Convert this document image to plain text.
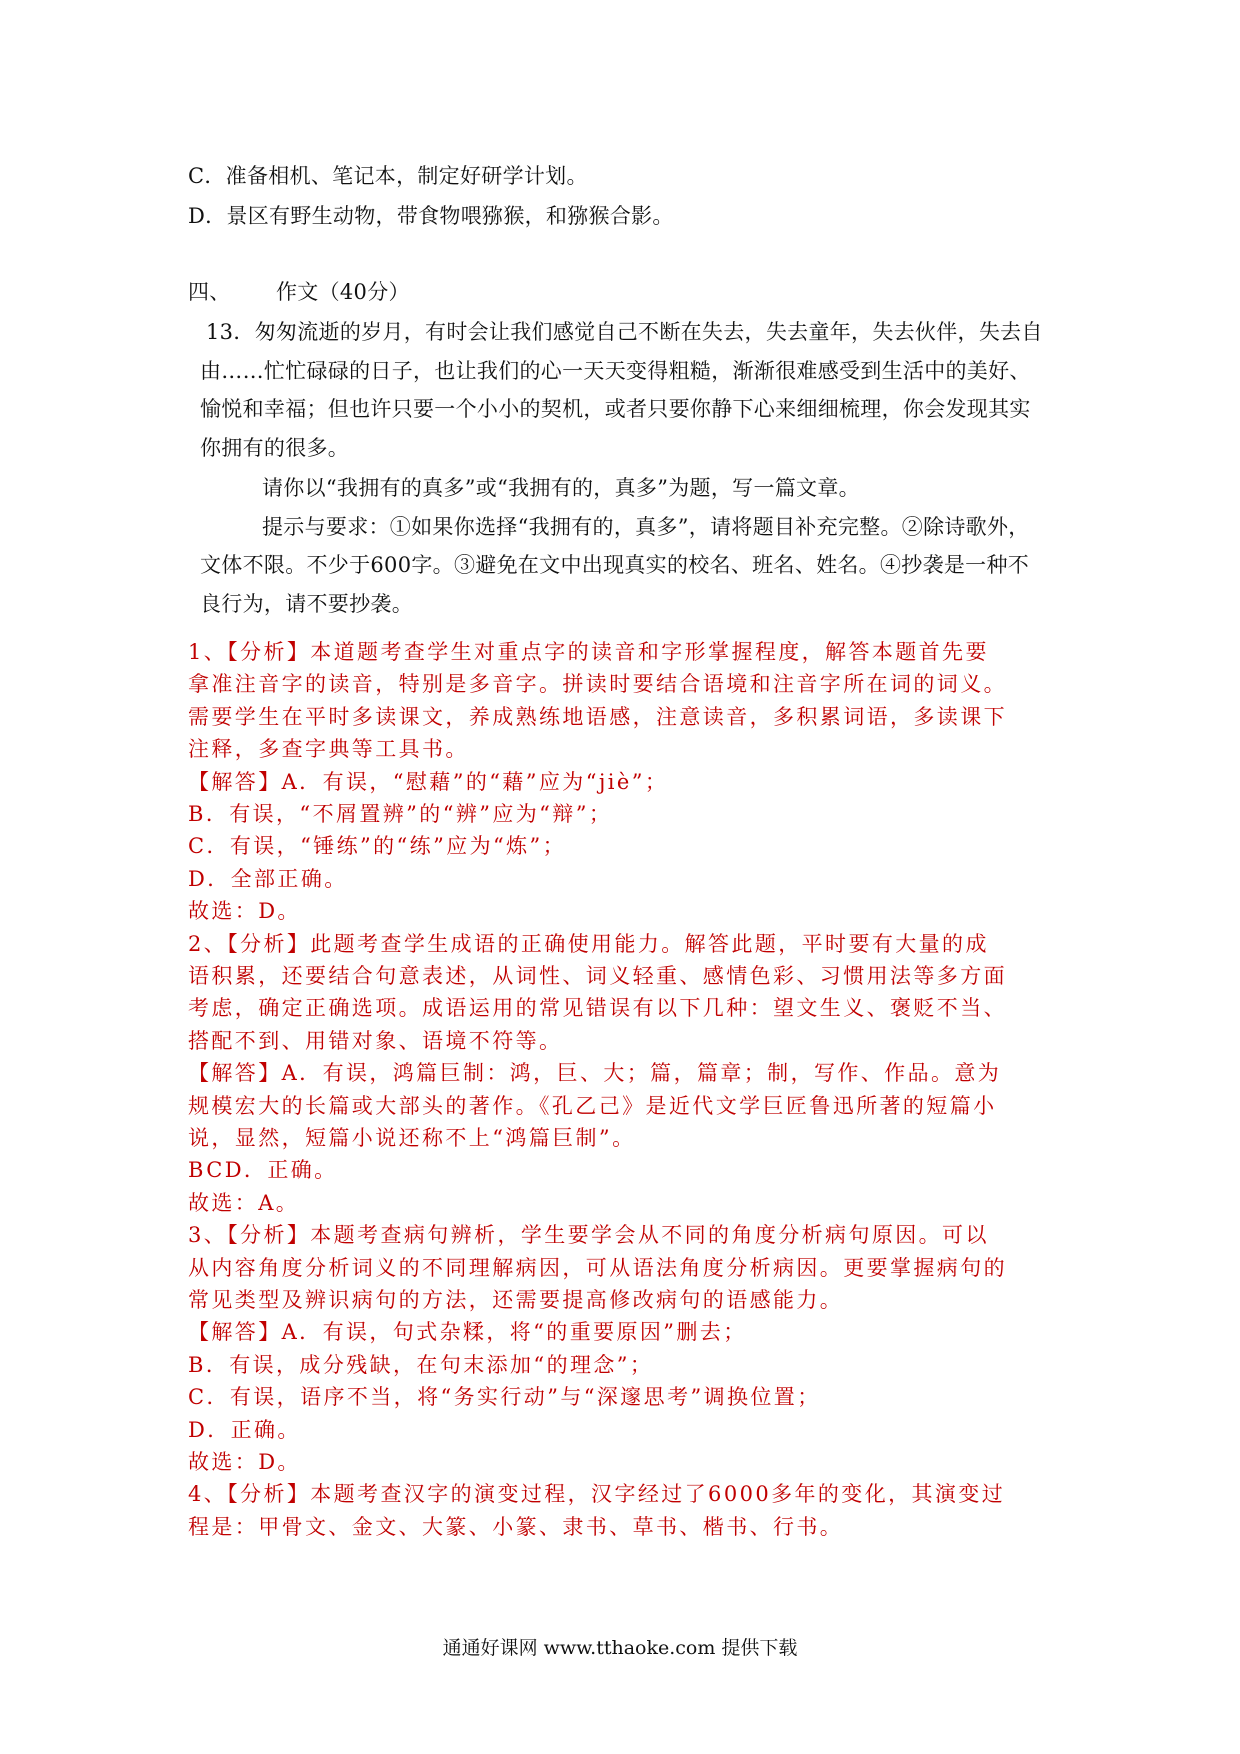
C．准备相机、笔记本，制定好研学计划。

D．景区有野生动物，带食物喂猕猴，和猕猴合影。

四、 作文（40分）

13．匆匆流逝的岁月，有时会让我们感觉自己不断在失去，失去童年，失去伙伴，失去自

由……忙忙碌碌的日子，也让我们的心一天天变得粗糙，渐渐很难感受到生活中的美好、

愉悦和幸福；但也许只要一个小小的契机，或者只要你静下心来细细梳理，你会发现其实

你拥有的很多。

请你以“我拥有的真多”或“我拥有的，真多”为题，写一篇文章。

提示与要求：①如果你选择“我拥有的，真多”，请将题目补充完整。②除诗歌外，

文体不限。不少于600字。③避免在文中出现真实的校名、班名、姓名。④抄袭是一种不

良行为，请不要抄袭。

1、【分析】本道题考查学生对重点字的读音和字形掌握程度，解答本题首先要

拿准注音字的读音，特别是多音字。拼读时要结合语境和注音字所在词的词义。

需要学生在平时多读课文，养成熟练地语感，注意读音，多积累词语，多读课下

注释，多查字典等工具书。

【解答】A．有误，“慰藉”的“藉”应为“jiè”；

B．有误，“不屑置辨”的“辨”应为“辩”；

C．有误，“锤练”的“练”应为“炼”；

D．全部正确。

故选：D。

2、【分析】此题考查学生成语的正确使用能力。解答此题，平时要有大量的成

语积累，还要结合句意表述，从词性、词义轻重、感情色彩、习惯用法等多方面

考虑，确定正确选项。成语运用的常见错误有以下几种：望文生义、褒贬不当、

搭配不到、用错对象、语境不符等。

【解答】A．有误，鸿篇巨制：鸿，巨、大；篇，篇章；制，写作、作品。意为

规模宏大的长篇或大部头的著作。《孔乙己》是近代文学巨匠鲁迅所著的短篇小

说，显然，短篇小说还称不上“鸿篇巨制”。

BCD．正确。

故选：A。

3、【分析】本题考查病句辨析，学生要学会从不同的角度分析病句原因。可以

从内容角度分析词义的不同理解病因，可从语法角度分析病因。更要掌握病句的

常见类型及辨识病句的方法，还需要提高修改病句的语感能力。

【解答】A．有误，句式杂糅，将“的重要原因”删去；

B．有误，成分残缺，在句末添加“的理念”；

C．有误，语序不当，将“务实行动”与“深邃思考”调换位置；

D．正确。

故选：D。

4、【分析】本题考查汉字的演变过程，汉字经过了6000多年的变化，其演变过

程是：甲骨文、金文、大篆、小篆、隶书、草书、楷书、行书。

通通好课网 www.tthaoke.com 提供下载
